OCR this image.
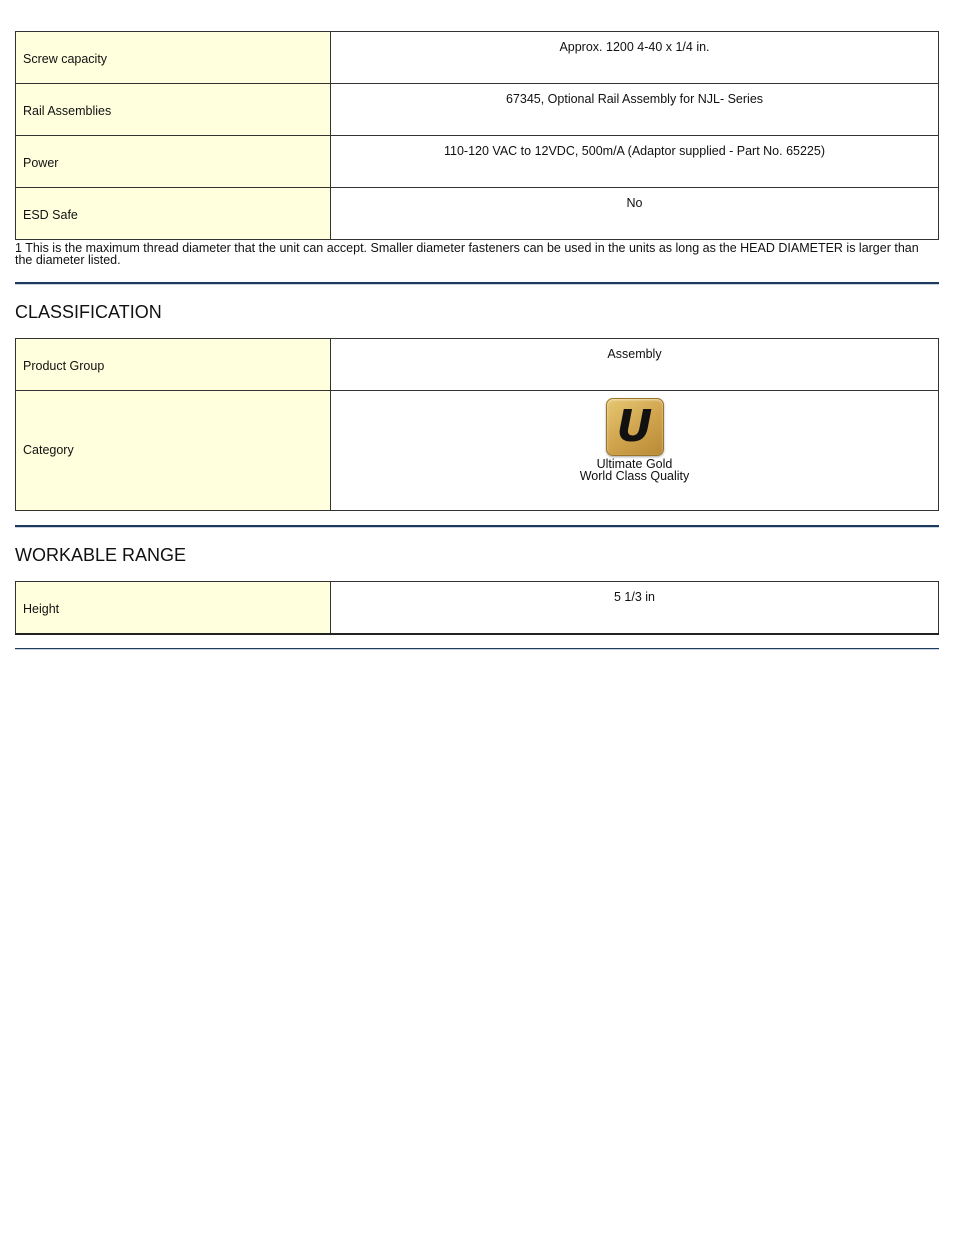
Screw capacity	Approx. 1200 4-40 x 1/4 in.
Rail Assemblies	67345, Optional Rail Assembly for NJL- Series
Power	110-120 VAC to 12VDC, 500m/A (Adaptor supplied - Part No. 65225)
ESD Safe	No
1 This is the maximum thread diameter that the unit can accept. Smaller diameter fasteners can be used in the units as long as the HEAD DIAMETER is larger than the diameter listed.
CLASSIFICATION
Product Group	Assembly
Category	U
Ultimate Gold
World Class Quality
WORKABLE RANGE
Height	5 1/3 in
